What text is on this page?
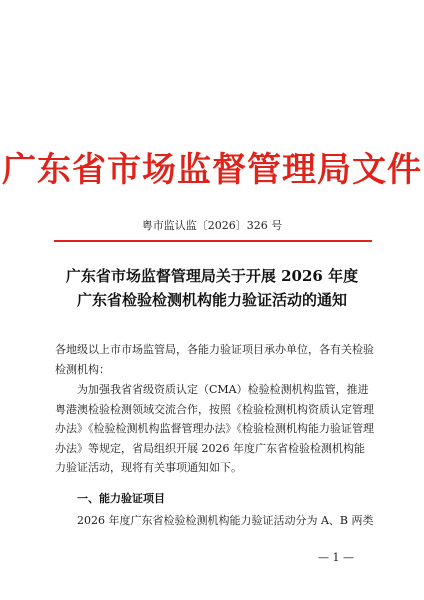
广东省市场监督管理局文件
粤市监认监〔2026〕326 号
广东省市场监督管理局关于开展 2026 年度
广东省检验检测机构能力验证活动的通知
各地级以上市市场监管局，各能力验证项目承办单位，各有关检验检测机构：
为加强我省省级资质认定（CMA）检验检测机构监管，推进粤港澳检验检测领域交流合作，按照《检验检测机构资质认定管理办法》《检验检测机构监督管理办法》《检验检测机构能力验证管理办法》等规定，省局组织开展 2026 年度广东省检验检测机构能力验证活动，现将有关事项通知如下。
一、能力验证项目
2026 年度广东省检验检测机构能力验证活动分为 A、B 两类
— 1 —
